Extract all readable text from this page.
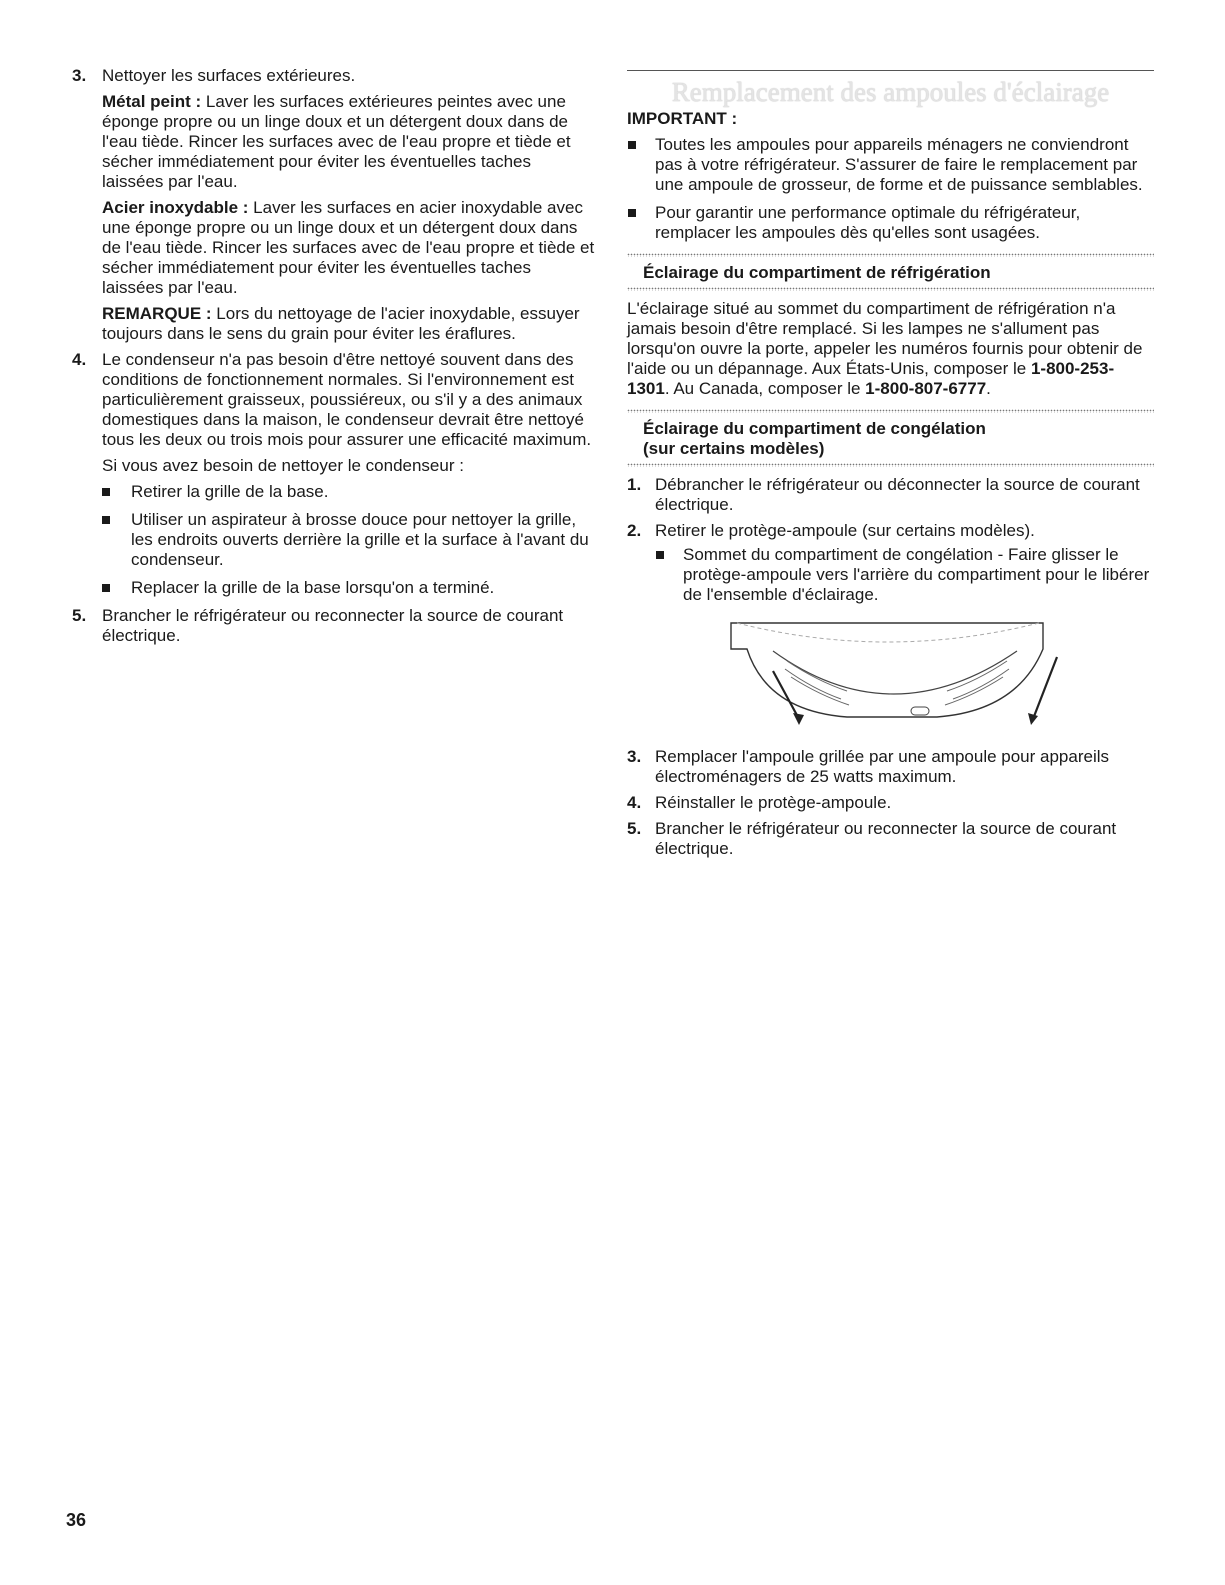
3. Nettoyer les surfaces extérieures.

Métal peint : Laver les surfaces extérieures peintes avec une éponge propre ou un linge doux et un détergent doux dans de l'eau tiède. Rincer les surfaces avec de l'eau propre et tiède et sécher immédiatement pour éviter les éventuelles taches laissées par l'eau.

Acier inoxydable : Laver les surfaces en acier inoxydable avec une éponge propre ou un linge doux et un détergent doux dans de l'eau tiède. Rincer les surfaces avec de l'eau propre et tiède et sécher immédiatement pour éviter les éventuelles taches laissées par l'eau.

REMARQUE : Lors du nettoyage de l'acier inoxydable, essuyer toujours dans le sens du grain pour éviter les éraflures.

4. Le condenseur n'a pas besoin d'être nettoyé souvent dans des conditions de fonctionnement normales. Si l'environnement est particulièrement graisseux, poussiéreux, ou s'il y a des animaux domestiques dans la maison, le condenseur devrait être nettoyé tous les deux ou trois mois pour assurer une efficacité maximum.

Si vous avez besoin de nettoyer le condenseur :

Retirer la grille de la base.
Utiliser un aspirateur à brosse douce pour nettoyer la grille, les endroits ouverts derrière la grille et la surface à l'avant du condenseur.
Replacer la grille de la base lorsqu'on a terminé.
5. Brancher le réfrigérateur ou reconnecter la source de courant électrique.

Remplacement des ampoules d'éclairage
IMPORTANT :
Toutes les ampoules pour appareils ménagers ne conviendront pas à votre réfrigérateur. S'assurer de faire le remplacement par une ampoule de grosseur, de forme et de puissance semblables.
Pour garantir une performance optimale du réfrigérateur, remplacer les ampoules dès qu'elles sont usagées.
Éclairage du compartiment de réfrigération

L'éclairage situé au sommet du compartiment de réfrigération n'a jamais besoin d'être remplacé. Si les lampes ne s'allument pas lorsqu'on ouvre la porte, appeler les numéros fournis pour obtenir de l'aide ou un dépannage. Aux États-Unis, composer le 1-800-253-1301. Au Canada, composer le 1-800-807-6777.

Éclairage du compartiment de congélation
(sur certains modèles)
1. Débrancher le réfrigérateur ou déconnecter la source de courant électrique.
2. Retirer le protège-ampoule (sur certains modèles).
Sommet du compartiment de congélation - Faire glisser le protège-ampoule vers l'arrière du compartiment pour le libérer de l'ensemble d'éclairage.
3. Remplacer l'ampoule grillée par une ampoule pour appareils électroménagers de 25 watts maximum.
4. Réinstaller le protège-ampoule.
5. Brancher le réfrigérateur ou reconnecter la source de courant électrique.
36
